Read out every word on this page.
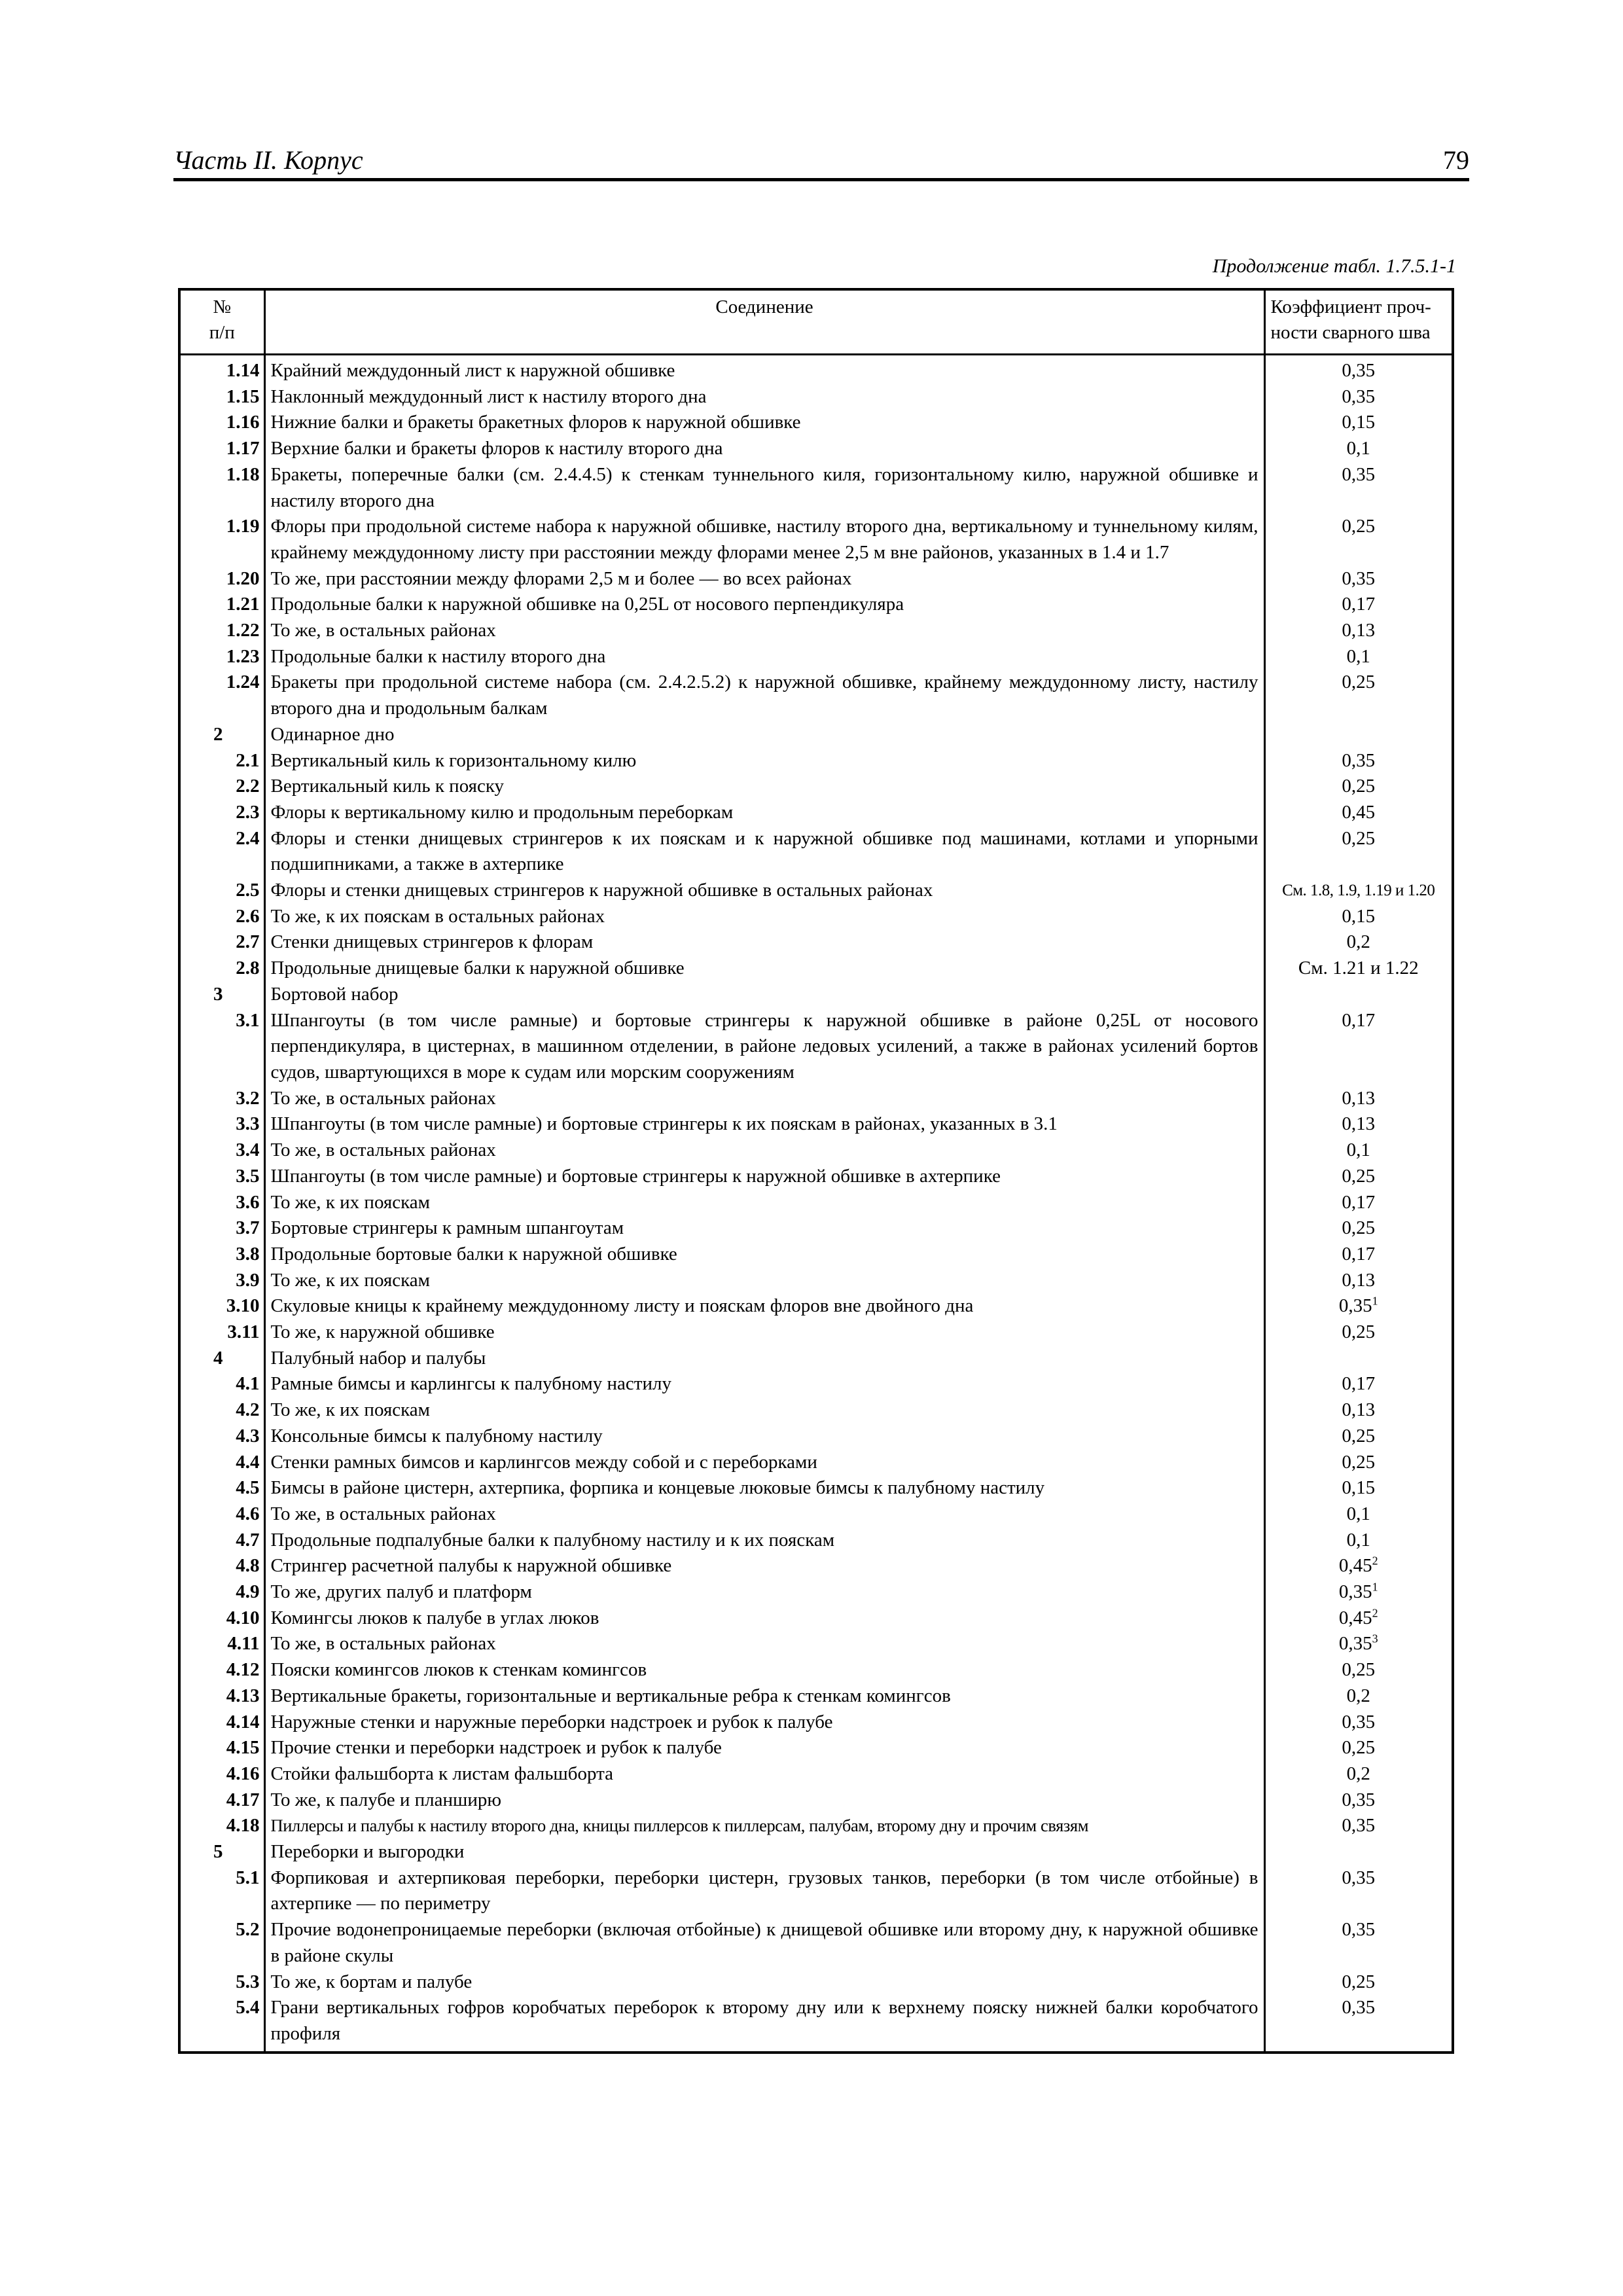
Часть II. Корпус	79
Продолжение табл. 1.7.5.1-1
№
п/п	Соединение	Коэффициент проч-
ности сварного шва
1.14	Крайний междудонный лист к наружной обшивке	0,35
1.15	Наклонный междудонный лист к настилу второго дна	0,35
1.16	Нижние балки и бракеты бракетных флоров к наружной обшивке	0,15
1.17	Верхние балки и бракеты флоров к настилу второго дна	0,1
1.18	Бракеты, поперечные балки (см. 2.4.4.5) к стенкам туннельного киля, горизонтальному килю, наружной обшивке и настилу второго дна	0,35
1.19	Флоры при продольной системе набора к наружной обшивке, настилу второго дна, вертикальному и туннельному килям, крайнему междудонному листу при расстоянии между флорами менее 2,5 м вне районов, указанных в 1.4 и 1.7	0,25
1.20	То же, при расстоянии между флорами 2,5 м и более — во всех районах	0,35
1.21	Продольные балки к наружной обшивке на 0,25L от носового перпендикуляра	0,17
1.22	То же, в остальных районах	0,13
1.23	Продольные балки к настилу второго дна	0,1
1.24	Бракеты при продольной системе набора (см. 2.4.2.5.2) к наружной обшивке, крайнему междудонному листу, настилу второго дна и продольным балкам	0,25
2	Одинарное дно	
2.1	Вертикальный киль к горизонтальному килю	0,35
2.2	Вертикальный киль к пояску	0,25
2.3	Флоры к вертикальному килю и продольным переборкам	0,45
2.4	Флоры и стенки днищевых стрингеров к их пояскам и к наружной обшивке под машинами, котлами и упорными подшипниками, а также в ахтерпике	0,25
2.5	Флоры и стенки днищевых стрингеров к наружной обшивке в остальных районах	См. 1.8, 1.9, 1.19 и 1.20
2.6	То же, к их пояскам в остальных районах	0,15
2.7	Стенки днищевых стрингеров к флорам	0,2
2.8	Продольные днищевые балки к наружной обшивке	См. 1.21 и 1.22
3	Бортовой набор	
3.1	Шпангоуты (в том числе рамные) и бортовые стрингеры к наружной обшивке в районе 0,25L от носового перпендикуляра, в цистернах, в машинном отделении, в районе ледовых усилений, а также в районах усилений бортов судов, швартующихся в море к судам или морским сооружениям	0,17
3.2	То же, в остальных районах	0,13
3.3	Шпангоуты (в том числе рамные) и бортовые стрингеры к их пояскам в районах, указанных в 3.1	0,13
3.4	То же, в остальных районах	0,1
3.5	Шпангоуты (в том числе рамные) и бортовые стрингеры к наружной обшивке в ахтерпике	0,25
3.6	То же, к их пояскам	0,17
3.7	Бортовые стрингеры к рамным шпангоутам	0,25
3.8	Продольные бортовые балки к наружной обшивке	0,17
3.9	То же, к их пояскам	0,13
3.10	Скуловые кницы к крайнему междудонному листу и пояскам флоров вне двойного дна	0,35$^1$
3.11	То же, к наружной обшивке	0,25
4	Палубный набор и палубы	
4.1	Рамные бимсы и карлингсы к палубному настилу	0,17
4.2	То же, к их пояскам	0,13
4.3	Консольные бимсы к палубному настилу	0,25
4.4	Стенки рамных бимсов и карлингсов между собой и с переборками	0,25
4.5	Бимсы в районе цистерн, ахтерпика, форпика и концевые люковые бимсы к палубному настилу	0,15
4.6	То же, в остальных районах	0,1
4.7	Продольные подпалубные балки к палубному настилу и к их пояскам	0,1
4.8	Стрингер расчетной палубы к наружной обшивке	0,45$^2$
4.9	То же, других палуб и платформ	0,35$^1$
4.10	Комингсы люков к палубе в углах люков	0,45$^2$
4.11	То же, в остальных районах	0,35$^3$
4.12	Пояски комингсов люков к стенкам комингсов	0,25
4.13	Вертикальные бракеты, горизонтальные и вертикальные ребра к стенкам комингсов	0,2
4.14	Наружные стенки и наружные переборки надстроек и рубок к палубе	0,35
4.15	Прочие стенки и переборки надстроек и рубок к палубе	0,25
4.16	Стойки фальшборта к листам фальшборта	0,2
4.17	То же, к палубе и планширю	0,35
4.18	Пиллерсы и палубы к настилу второго дна, кницы пиллерсов к пиллерсам, палубам, второму дну и прочим связям	0,35
5	Переборки и выгородки	
5.1	Форпиковая и ахтерпиковая переборки, переборки цистерн, грузовых танков, переборки (в том числе отбойные) в ахтерпике — по периметру	0,35
5.2	Прочие водонепроницаемые переборки (включая отбойные) к днищевой обшивке или второму дну, к наружной обшивке в районе скулы	0,35
5.3	То же, к бортам и палубе	0,25
5.4	Грани вертикальных гофров коробчатых переборок к второму дну или к верхнему пояску нижней балки коробчатого профиля	0,35
